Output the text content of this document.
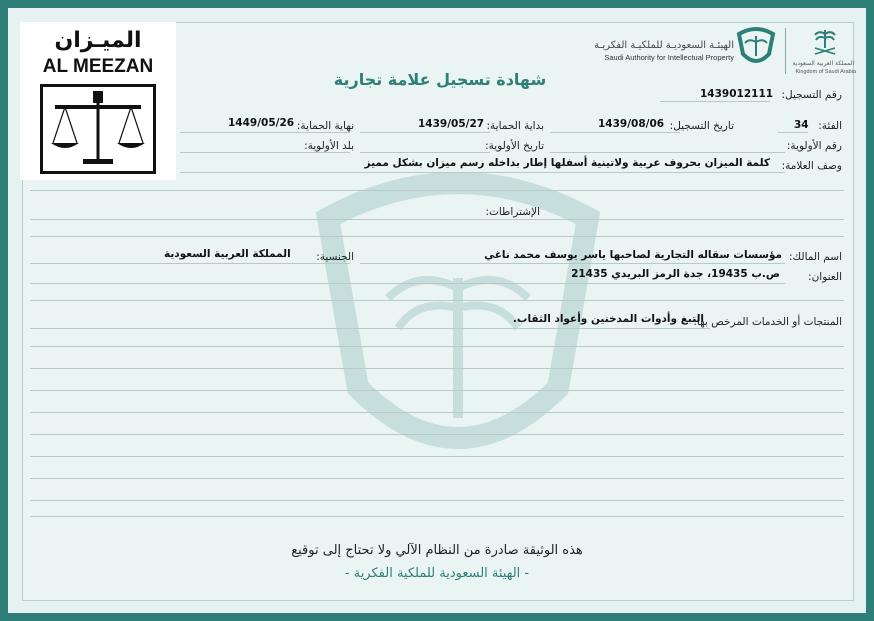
الميـزان
AL MEEZAN
الهيئـة السعوديـة للملكيـة الفكريـة
Saudi Authority for Intellectual Property
المملكة العربية السعودية
Kingdom of Saudi Arabia
شهادة تسجيل علامة تجارية
رقم التسجيل:
1439012111
الفئة:
34
تاريخ التسجيل:
1439/08/06
بداية الحماية:
1439/05/27
نهاية الحماية:
1449/05/26
رقم الأولوية:
تاريخ الأولوية:
بلد الأولوية:
وصف العلامة:
كلمة الميزان بحروف عربية ولاتينية أسفلها إطار بداخله رسم ميزان بشكل مميز
الإشتراطات:
اسم المالك:
مؤسسات سقاله التجارية لصاحبها ياسر يوسف محمد ناغي
الجنسية:
المملكة العربية السعودية
العنوان:
ص.ب 19435، جدة الرمز البريدي 21435
المنتجات أو الخدمات المرخص بها:
التبغ وأدوات المدخنين وأعواد الثقاب.
هذه الوثيقة صادرة من النظام الآلي ولا تحتاج إلى توقيع
- الهيئة السعودية للملكية الفكرية -
